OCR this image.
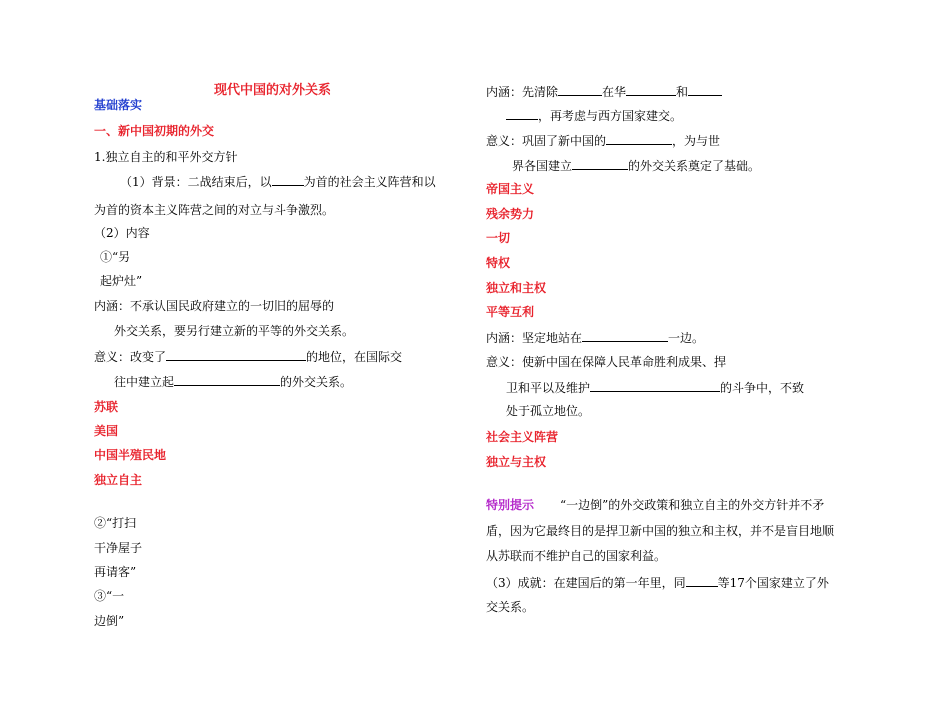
现代中国的对外关系
基础落实
一、新中国初期的外交
1.独立自主的和平外交方针
（1）背景：二战结束后，以	为首的社会主义阵营和以
为首的资本主义阵营之间的对立与斗争激烈。
（2）内容
①“另
起炉灶”
内涵：不承认国民政府建立的一切旧的屈辱的
外交关系，要另行建立新的平等的外交关系。
意义：改变了	的地位，在国际交
往中建立起	的外交关系。
苏联
美国
中国半殖民地
独立自主
②“打扫
干净屋子
再请客”
③“一
边倒”
内涵：先清除	在华	和
，再考虑与西方国家建交。
意义：巩固了新中国的	，为与世
界各国建立	的外交关系奠定了基础。
帝国主义
残余势力
一切
特权
独立和主权
平等互利
内涵：坚定地站在	一边。
意义：使新中国在保障人民革命胜利成果、捍
卫和平以及维护	的斗争中，不致
处于孤立地位。
社会主义阵营
独立与主权
特别提示 “一边倒”的外交政策和独立自主的外交方针并不矛
盾，因为它最终目的是捍卫新中国的独立和主权，并不是盲目地顺
从苏联而不维护自己的国家利益。
（3）成就：在建国后的第一年里，同	等17个国家建立了外
交关系。
